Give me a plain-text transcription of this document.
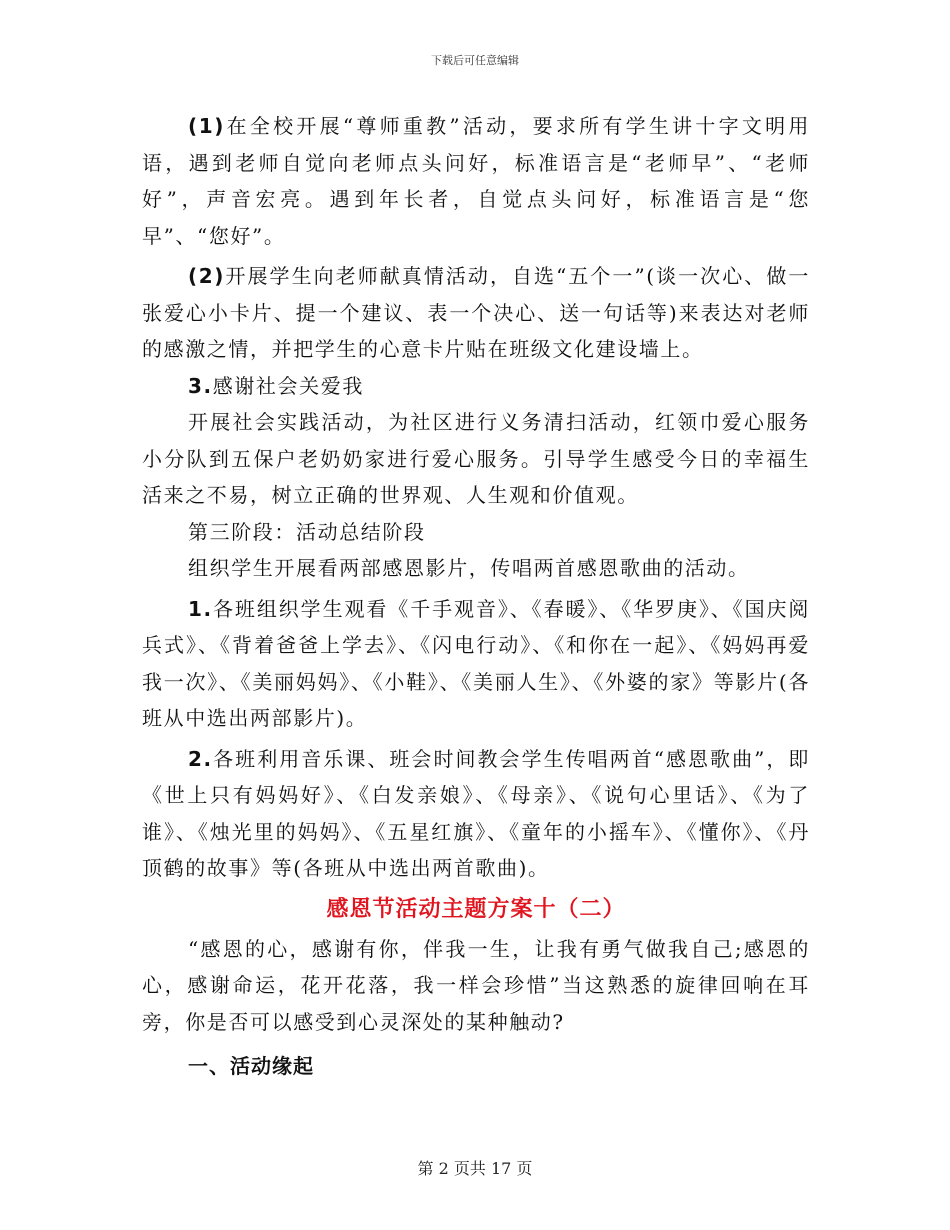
下载后可任意编辑

(1)在全校开展“尊师重教”活动，要求所有学生讲十字文明用语，遇到老师自觉向老师点头问好，标准语言是“老师早”、“老师好”，声音宏亮。遇到年长者，自觉点头问好，标准语言是“您早”、“您好”。

(2)开展学生向老师献真情活动，自选“五个一”(谈一次心、做一张爱心小卡片、提一个建议、表一个决心、送一句话等)来表达对老师的感激之情，并把学生的心意卡片贴在班级文化建设墙上。

3.感谢社会关爱我

开展社会实践活动，为社区进行义务清扫活动，红领巾爱心服务小分队到五保户老奶奶家进行爱心服务。引导学生感受今日的幸福生活来之不易，树立正确的世界观、人生观和价值观。

第三阶段：活动总结阶段

组织学生开展看两部感恩影片，传唱两首感恩歌曲的活动。

1.各班组织学生观看《千手观音》、《春暖》、《华罗庚》、《国庆阅兵式》、《背着爸爸上学去》、《闪电行动》、《和你在一起》、《妈妈再爱我一次》、《美丽妈妈》、《小鞋》、《美丽人生》、《外婆的家》等影片(各班从中选出两部影片)。

2.各班利用音乐课、班会时间教会学生传唱两首“感恩歌曲”，即《世上只有妈妈好》、《白发亲娘》、《母亲》、《说句心里话》、《为了谁》、《烛光里的妈妈》、《五星红旗》、《童年的小摇车》、《懂你》、《丹顶鹤的故事》等(各班从中选出两首歌曲)。

感恩节活动主题方案十（二）

“感恩的心，感谢有你，伴我一生，让我有勇气做我自己;感恩的心，感谢命运，花开花落，我一样会珍惜”当这熟悉的旋律回响在耳旁，你是否可以感受到心灵深处的某种触动?

一、活动缘起
第 2 页共 17 页
